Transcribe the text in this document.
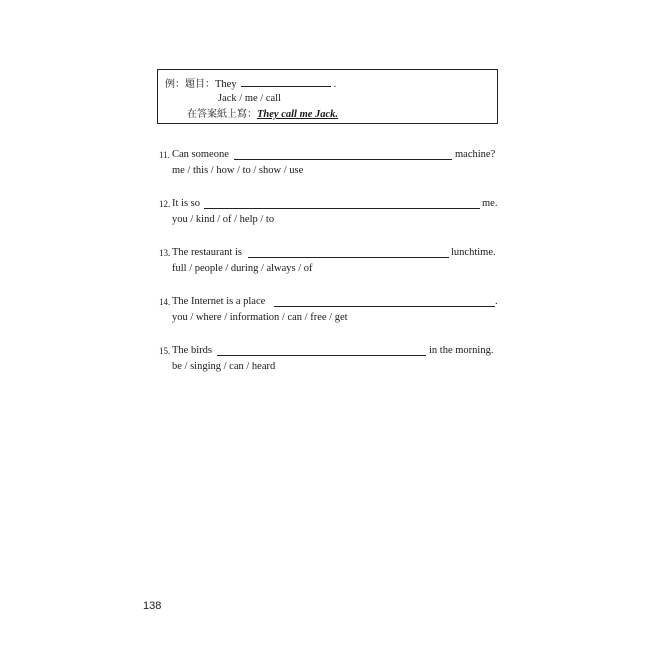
例：題目：They	.
Jack / me / call
在答案紙上寫：They call me Jack.
11. Can someone	machine?
me / this / how / to / show / use
12. It is so	me.
you / kind / of / help / to
13. The restaurant is	lunchtime.
full / people / during / always / of
14. The Internet is a place	.
you / where / information / can / free / get
15. The birds	in the morning.
be / singing / can / heard
138
